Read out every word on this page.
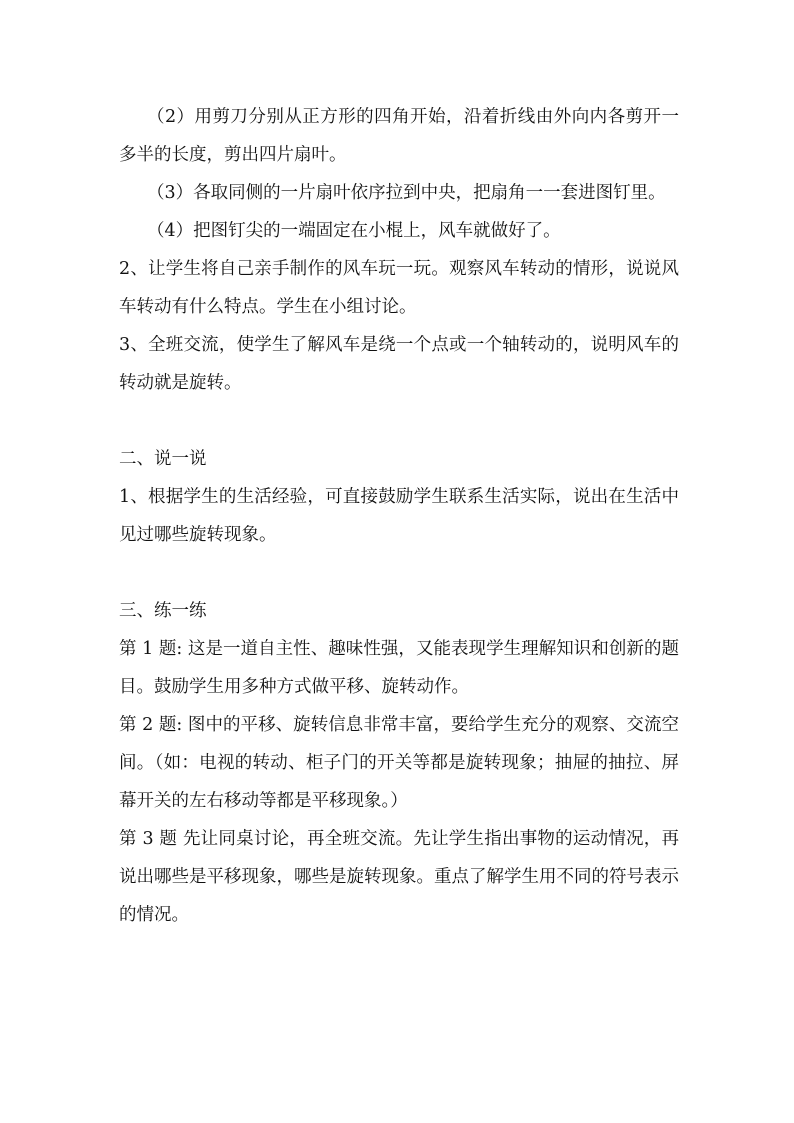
（2）用剪刀分别从正方形的四角开始，沿着折线由外向内各剪开一多半的长度，剪出四片扇叶。

（3）各取同侧的一片扇叶依序拉到中央，把扇角一一套进图钉里。

（4）把图钉尖的一端固定在小棍上，风车就做好了。

2、让学生将自己亲手制作的风车玩一玩。观察风车转动的情形，说说风车转动有什么特点。学生在小组讨论。

3、全班交流，使学生了解风车是绕一个点或一个轴转动的，说明风车的转动就是旋转。

二、说一说

1、根据学生的生活经验，可直接鼓励学生联系生活实际，说出在生活中见过哪些旋转现象。

三、练一练

第 1 题: 这是一道自主性、趣味性强，又能表现学生理解知识和创新的题目。鼓励学生用多种方式做平移、旋转动作。

第 2 题: 图中的平移、旋转信息非常丰富，要给学生充分的观察、交流空间。（如：电视的转动、柜子门的开关等都是旋转现象；抽屉的抽拉、屏幕开关的左右移动等都是平移现象。）

第 3 题 先让同桌讨论，再全班交流。先让学生指出事物的运动情况，再说出哪些是平移现象，哪些是旋转现象。重点了解学生用不同的符号表示的情况。
